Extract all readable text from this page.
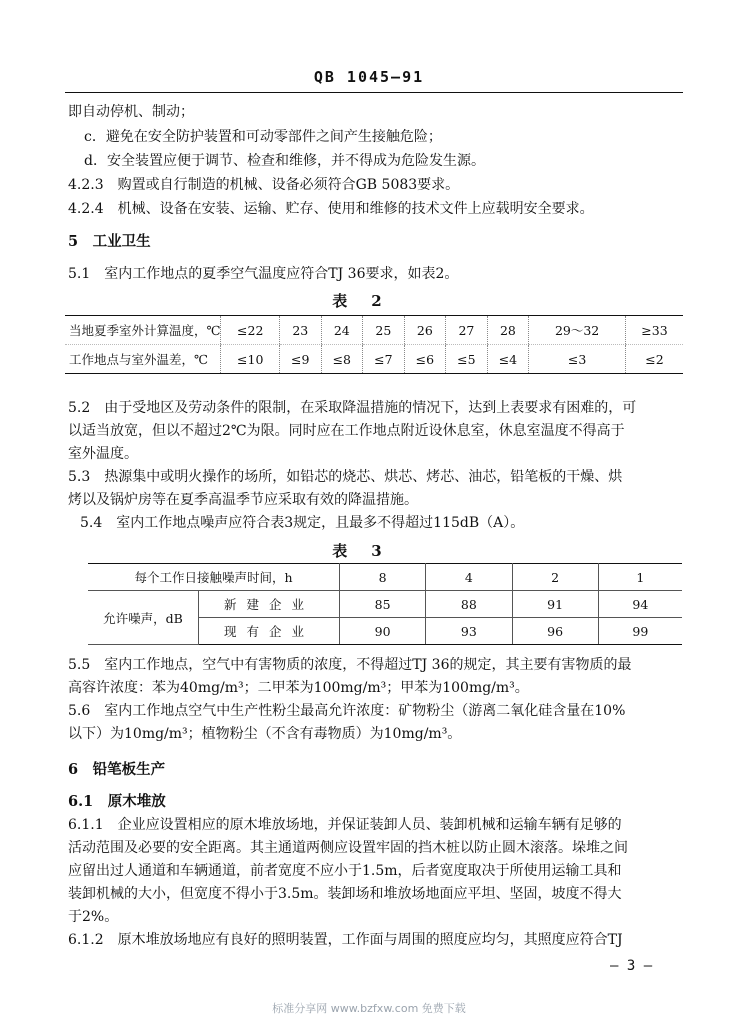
QB 1045—91
即自动停机、制动；
c．避免在安全防护装置和可动零部件之间产生接触危险；
d．安全装置应便于调节、检查和维修，并不得成为危险发生源。
4.2.3　购置或自行制造的机械、设备必须符合GB 5083要求。
4.2.4　机械、设备在安装、运输、贮存、使用和维修的技术文件上应载明安全要求。
5　工业卫生
5.1　室内工作地点的夏季空气温度应符合TJ 36要求，如表2。
表2
当地夏季室外计算温度，℃	≤22	23	24	25	26	27	28	29～32	≥33
工作地点与室外温差，℃	≤10	≤9	≤8	≤7	≤6	≤5	≤4	≤3	≤2
5.2　由于受地区及劳动条件的限制，在采取降温措施的情况下，达到上表要求有困难的，可
以适当放宽，但以不超过2℃为限。同时应在工作地点附近设休息室，休息室温度不得高于
室外温度。
5.3　热源集中或明火操作的场所，如铅芯的烧芯、烘芯、烤芯、油芯，铅笔板的干燥、烘
烤以及锅炉房等在夏季高温季节应采取有效的降温措施。
5.4　室内工作地点噪声应符合表3规定，且最多不得超过115dB（A）。
表3
每个工作日接触噪声时间，h		8	4	2	1
允许噪声，dB	新建企业	85	88	91	94
	现有企业	90	93	96	99
5.5　室内工作地点，空气中有害物质的浓度，不得超过TJ 36的规定，其主要有害物质的最
高容许浓度：苯为40mg/m³；二甲苯为100mg/m³；甲苯为100mg/m³。
5.6　室内工作地点空气中生产性粉尘最高允许浓度：矿物粉尘（游离二氧化硅含量在10%
以下）为10mg/m³；植物粉尘（不含有毒物质）为10mg/m³。
6　铅笔板生产
6.1　原木堆放
6.1.1　企业应设置相应的原木堆放场地，并保证装卸人员、装卸机械和运输车辆有足够的
活动范围及必要的安全距离。其主通道两侧应设置牢固的挡木桩以防止圆木滚落。垛堆之间
应留出过人通道和车辆通道，前者宽度不应小于1.5m，后者宽度取决于所使用运输工具和
装卸机械的大小，但宽度不得小于3.5m。装卸场和堆放场地面应平坦、坚固，坡度不得大
于2%。
6.1.2　原木堆放场地应有良好的照明装置，工作面与周围的照度应均匀，其照度应符合TJ
— 3 —
标准分享网 www.bzfxw.com 免费下载
